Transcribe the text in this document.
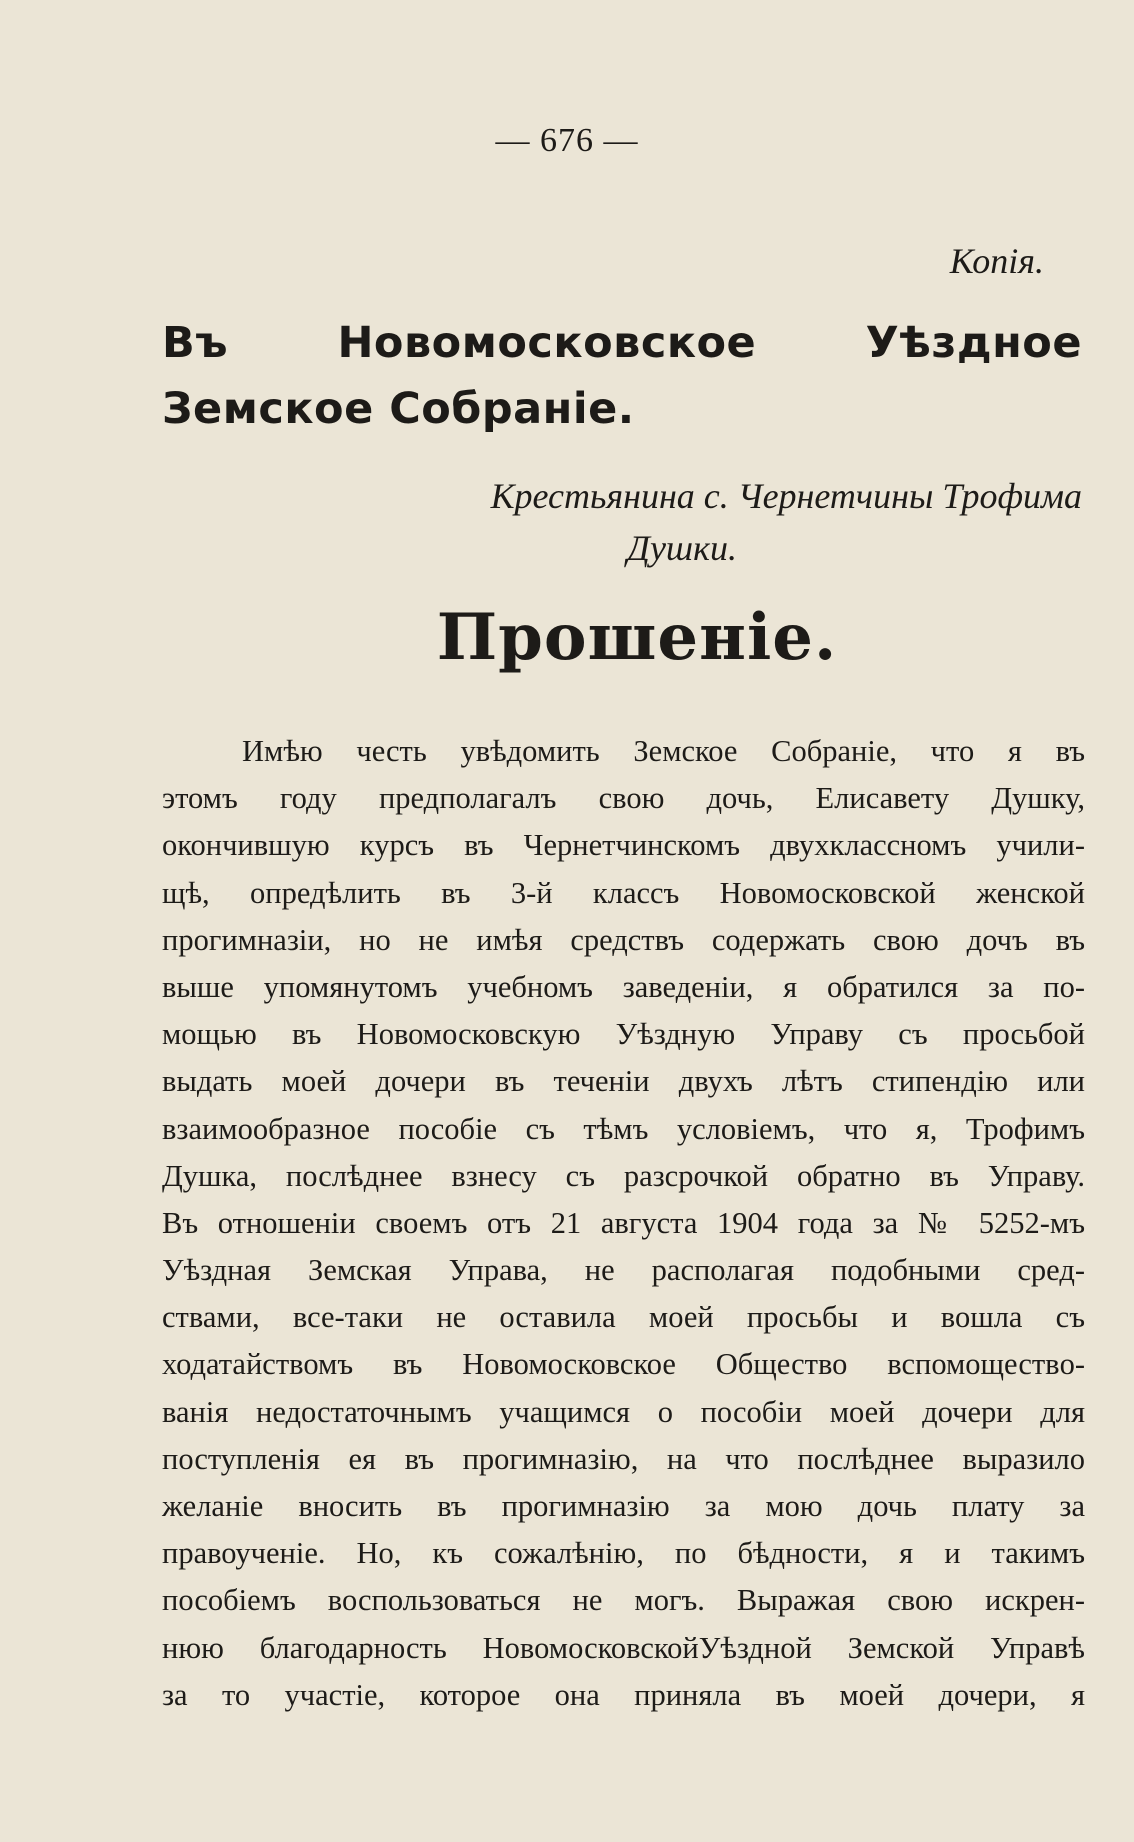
— 676 —
Копія.
Въ Новомосковское Уѣздное Земское Собраніе.
Крестьянина с. Чернетчины Трофима
Душки.
Прошеніе.
Имѣю честь увѣдомить Земское Собраніе, что я въ
этомъ году предполагалъ свою дочь, Елисавету Душку,
окончившую курсъ въ Чернетчинскомъ двухклассномъ учили-
щѣ, опредѣлить въ 3-й классъ Новомосковской женской
прогимназіи, но не имѣя средствъ содержать свою дочъ въ
выше упомянутомъ учебномъ заведеніи, я обратился за по-
мощью въ Новомосковскую Уѣздную Управу съ просьбой
выдать моей дочери въ теченіи двухъ лѣтъ стипендію или
взаимообразное пособіе съ тѣмъ условіемъ, что я, Трофимъ
Душка, послѣднее взнесу съ разсрочкой обратно въ Управу.
Въ отношеніи своемъ отъ 21 августа 1904 года за № 5252-мъ
Уѣздная Земская Управа, не располагая подобными сред-
ствами, все-таки не оставила моей просьбы и вошла съ
ходатайствомъ въ Новомосковское Общество вспомоществo-
ванія недостаточнымъ учащимся о пособіи моей дочери для
поступленія ея въ прогимназію, на что послѣднее выразило
желаніе вносить въ прогимназію за мою дочь плату за
правоученіе. Но, къ сожалѣнію, по бѣдности, я и такимъ
пособіемъ воспользоваться не могъ. Выражая свою искрен-
нюю благодарность НовомосковскойУѣздной Земской Управѣ
за то участіе, которое она приняла въ моей дочери, я
